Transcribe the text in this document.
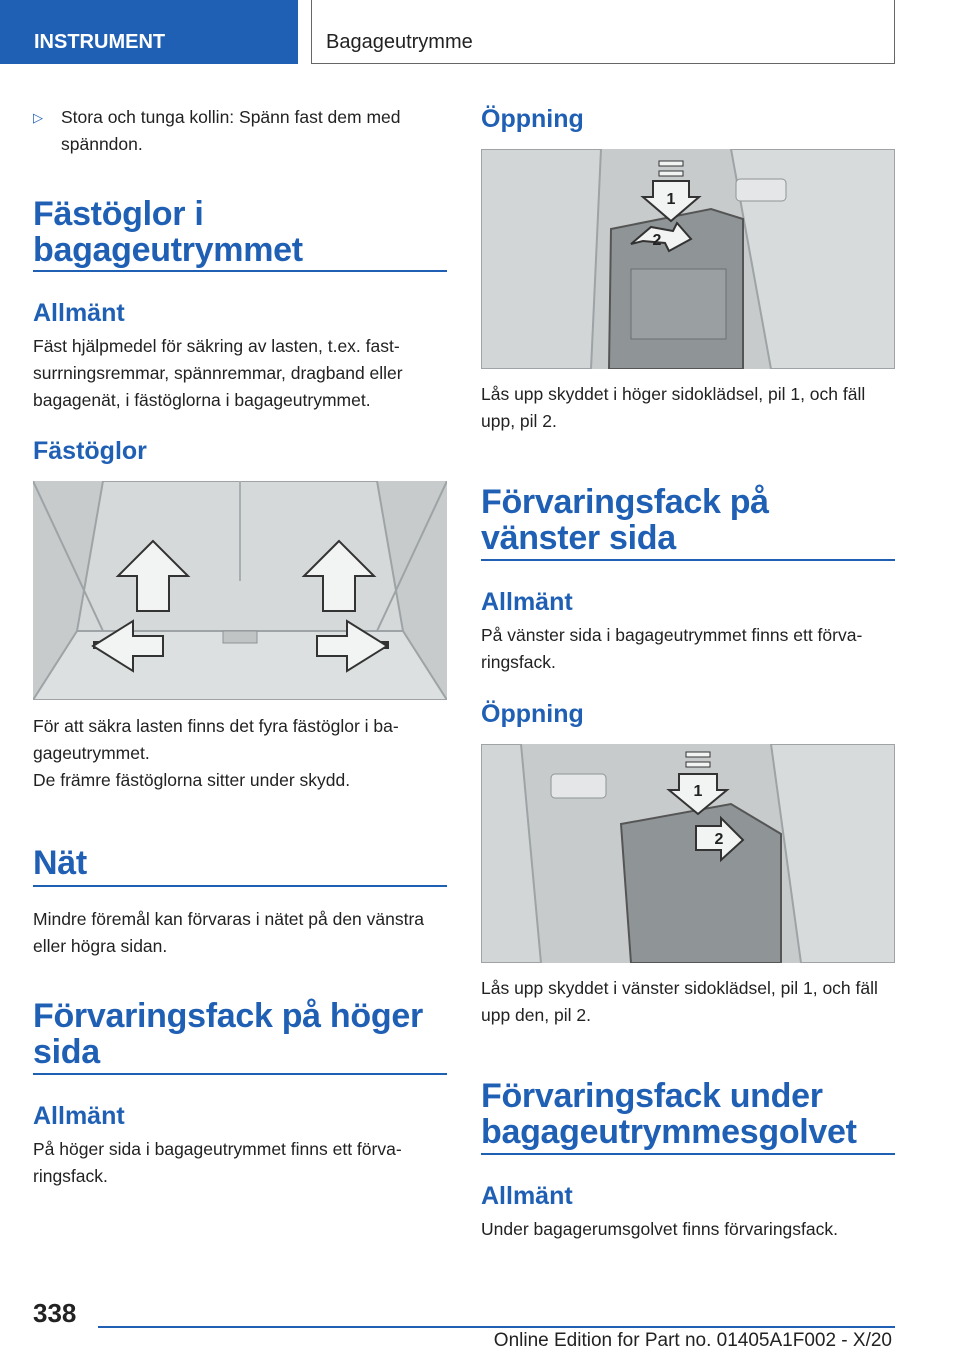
INSTRUMENT	Bagageutrymme
▷ Stora och tunga kollin: Spänn fast dem med spänndon.
Fästöglor i bagageutrymmet
Allmänt
Fäst hjälpmedel för säkring av lasten, t.ex. fastsurrningsremmar, spännremmar, dragband eller bagagenät, i fästöglorna i bagageutrymmet.
Fästöglor
För att säkra lasten finns det fyra fästöglor i bagageutrymmet.
De främre fästöglorna sitter under skydd.
Nät
Mindre föremål kan förvaras i nätet på den vänstra eller högra sidan.
Förvaringsfack på höger sida
Allmänt
På höger sida i bagageutrymmet finns ett förvaringsfack.
Öppning
1
2
Lås upp skyddet i höger sidoklädsel, pil 1, och fäll upp, pil 2.
Förvaringsfack på vänster sida
Allmänt
På vänster sida i bagageutrymmet finns ett förvaringsfack.
Öppning
1
2
Lås upp skyddet i vänster sidoklädsel, pil 1, och fäll upp den, pil 2.
Förvaringsfack under bagageutrymmesgolvet
Allmänt
Under bagagerumsgolvet finns förvaringsfack.
338
Online Edition for Part no. 01405A1F002 - X/20
